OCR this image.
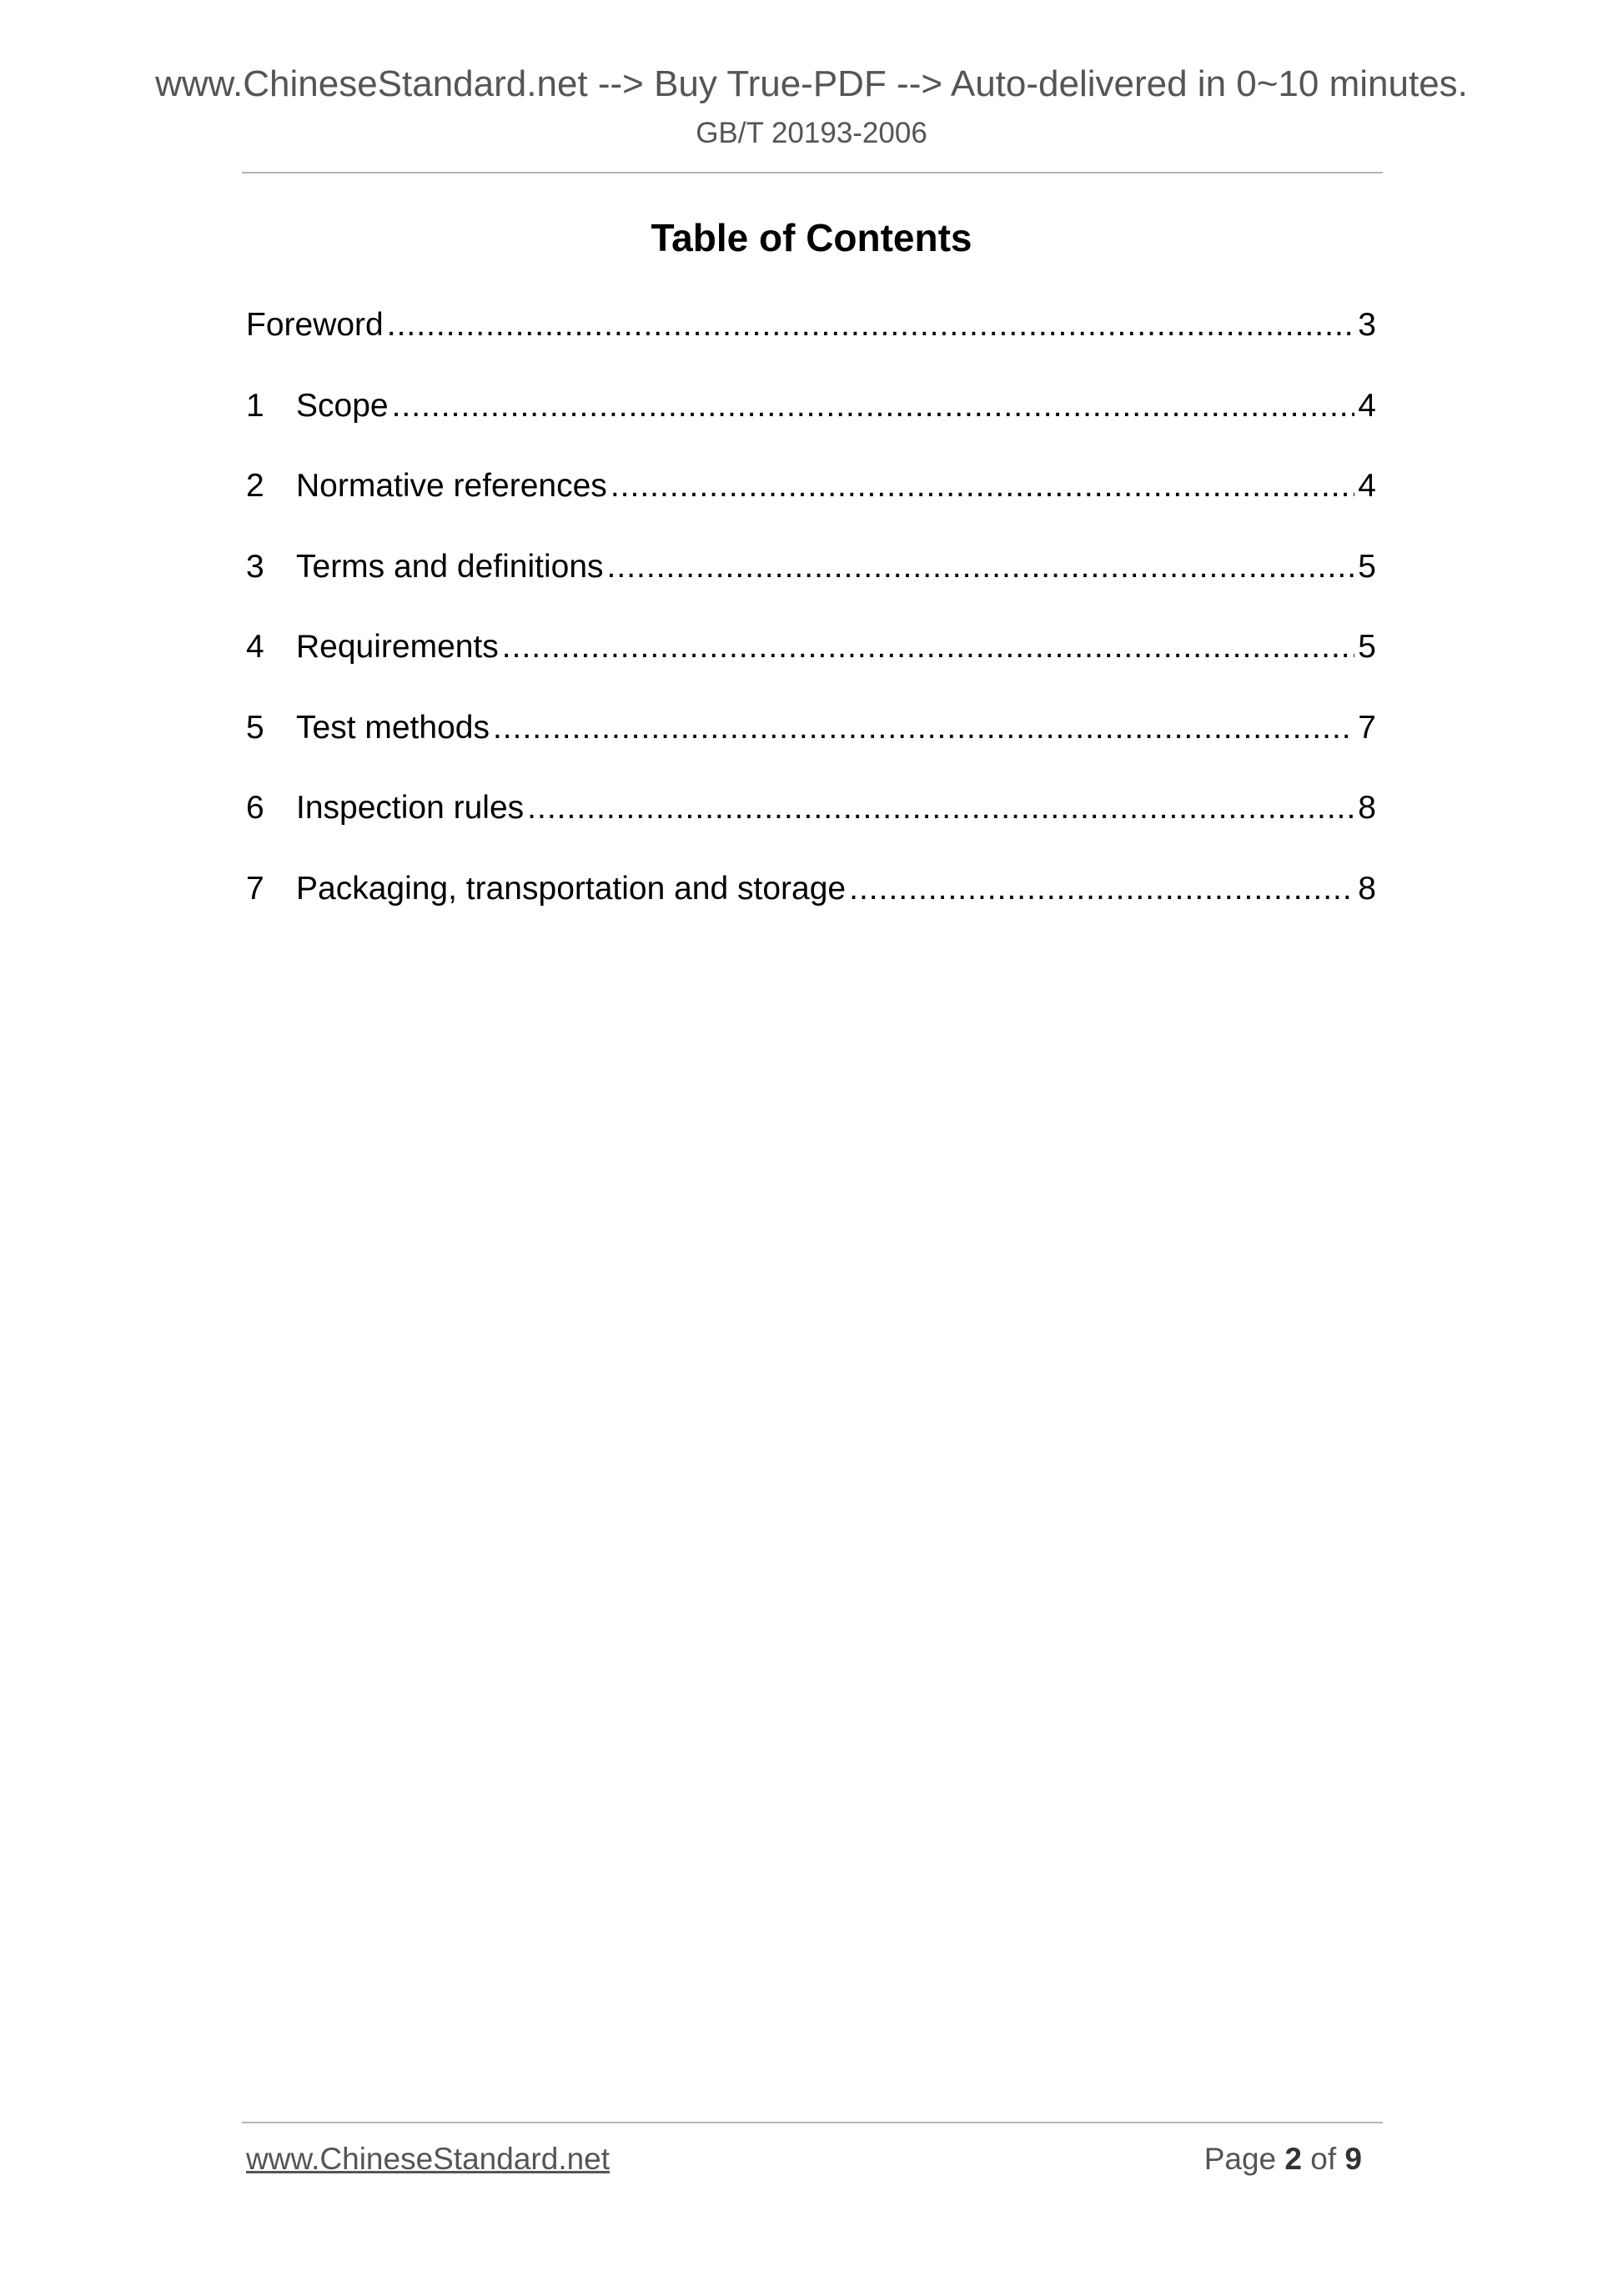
www.ChineseStandard.net --> Buy True-PDF --> Auto-delivered in 0~10 minutes.
GB/T 20193-2006
Table of Contents
Foreword .....	3
1 Scope .....	4
2 Normative references .....	4
3 Terms and definitions .....	5
4 Requirements .....	5
5 Test methods .....	7
6 Inspection rules .....	8
7 Packaging, transportation and storage .....	8
www.ChineseStandard.net	Page 2 of 9
